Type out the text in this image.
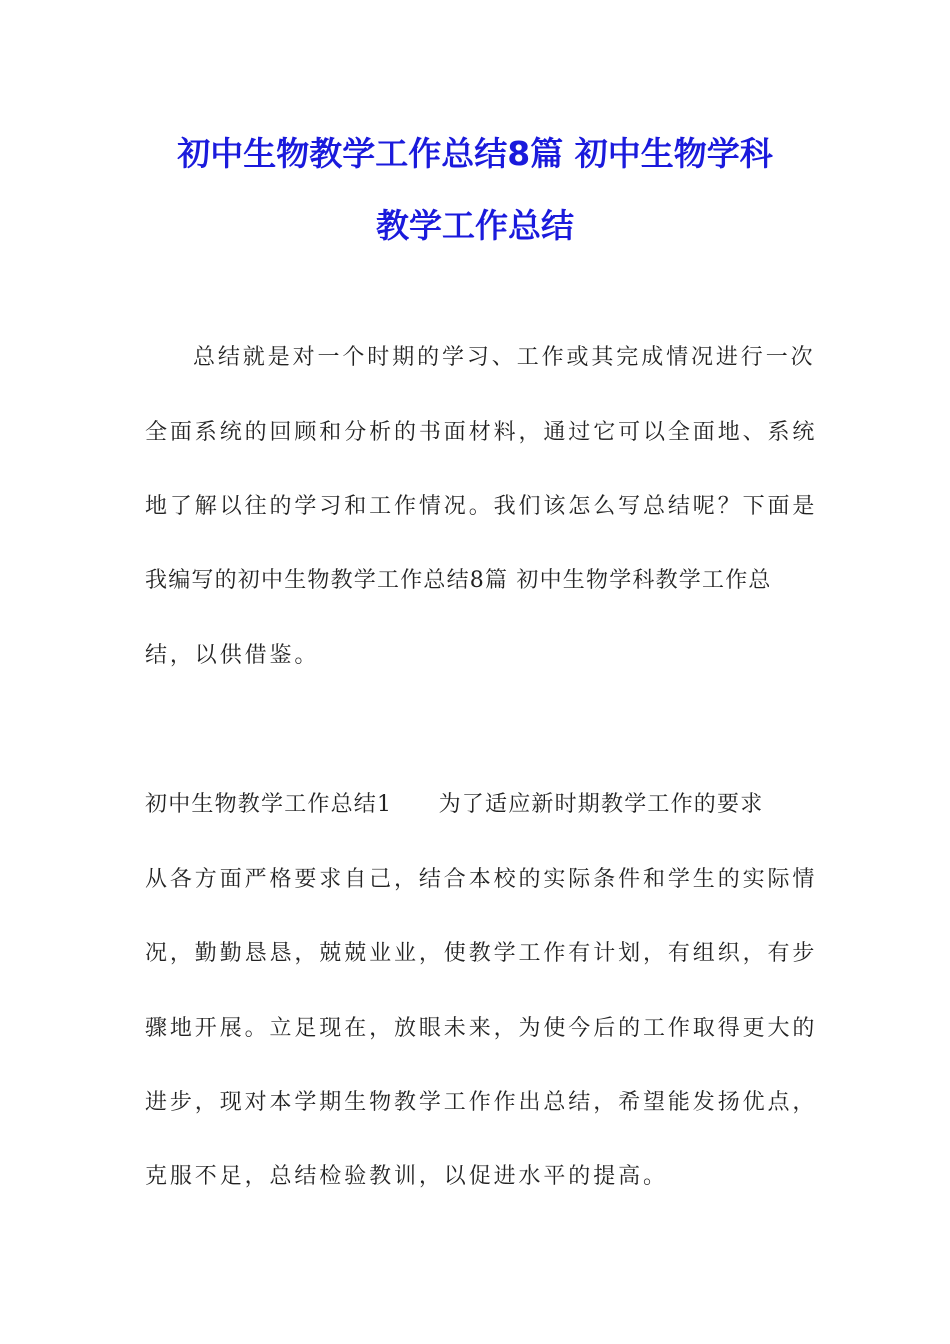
初中生物教学工作总结8篇 初中生物学科
教学工作总结
总结就是对一个时期的学习、工作或其完成情况进行一次
全面系统的回顾和分析的书面材料，通过它可以全面地、系统
地了解以往的学习和工作情况。我们该怎么写总结呢？下面是
我编写的初中生物教学工作总结8篇 初中生物学科教学工作总
结，以供借鉴。
初中生物教学工作总结1　　为了适应新时期教学工作的要求
从各方面严格要求自己，结合本校的实际条件和学生的实际情
况，勤勤恳恳，兢兢业业，使教学工作有计划，有组织，有步
骤地开展。立足现在，放眼未来，为使今后的工作取得更大的
进步，现对本学期生物教学工作作出总结，希望能发扬优点，
克服不足，总结检验教训，以促进水平的提高。
